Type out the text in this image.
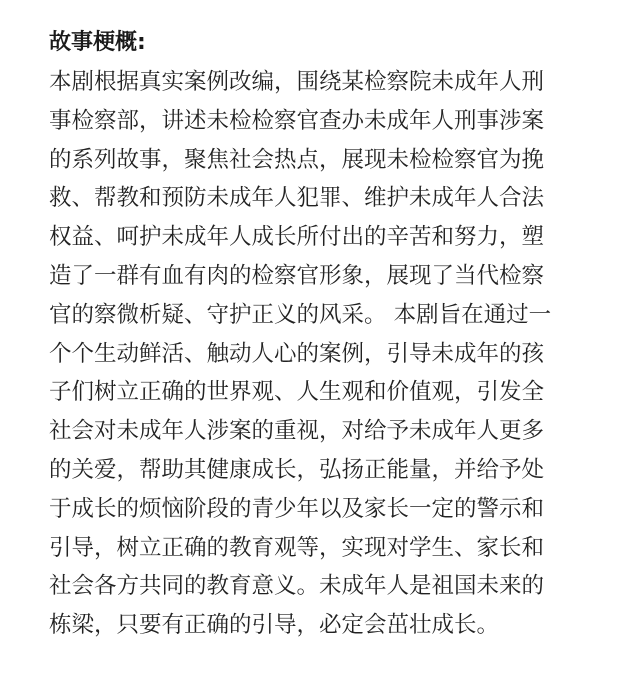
故事梗概:
本剧根据真实案例改编，围绕某检察院未成年人刑
事检察部，讲述未检检察官查办未成年人刑事涉案
的系列故事，聚焦社会热点，展现未检检察官为挽
救、帮教和预防未成年人犯罪、维护未成年人合法
权益、呵护未成年人成长所付出的辛苦和努力，塑
造了一群有血有肉的检察官形象，展现了当代检察
官的察微析疑、守护正义的风采。 本剧旨在通过一
个个生动鲜活、触动人心的案例，引导未成年的孩
子们树立正确的世界观、人生观和价值观，引发全
社会对未成年人涉案的重视，对给予未成年人更多
的关爱，帮助其健康成长，弘扬正能量，并给予处
于成长的烦恼阶段的青少年以及家长一定的警示和
引导，树立正确的教育观等，实现对学生、家长和
社会各方共同的教育意义。未成年人是祖国未来的
栋梁，只要有正确的引导，必定会茁壮成长。
